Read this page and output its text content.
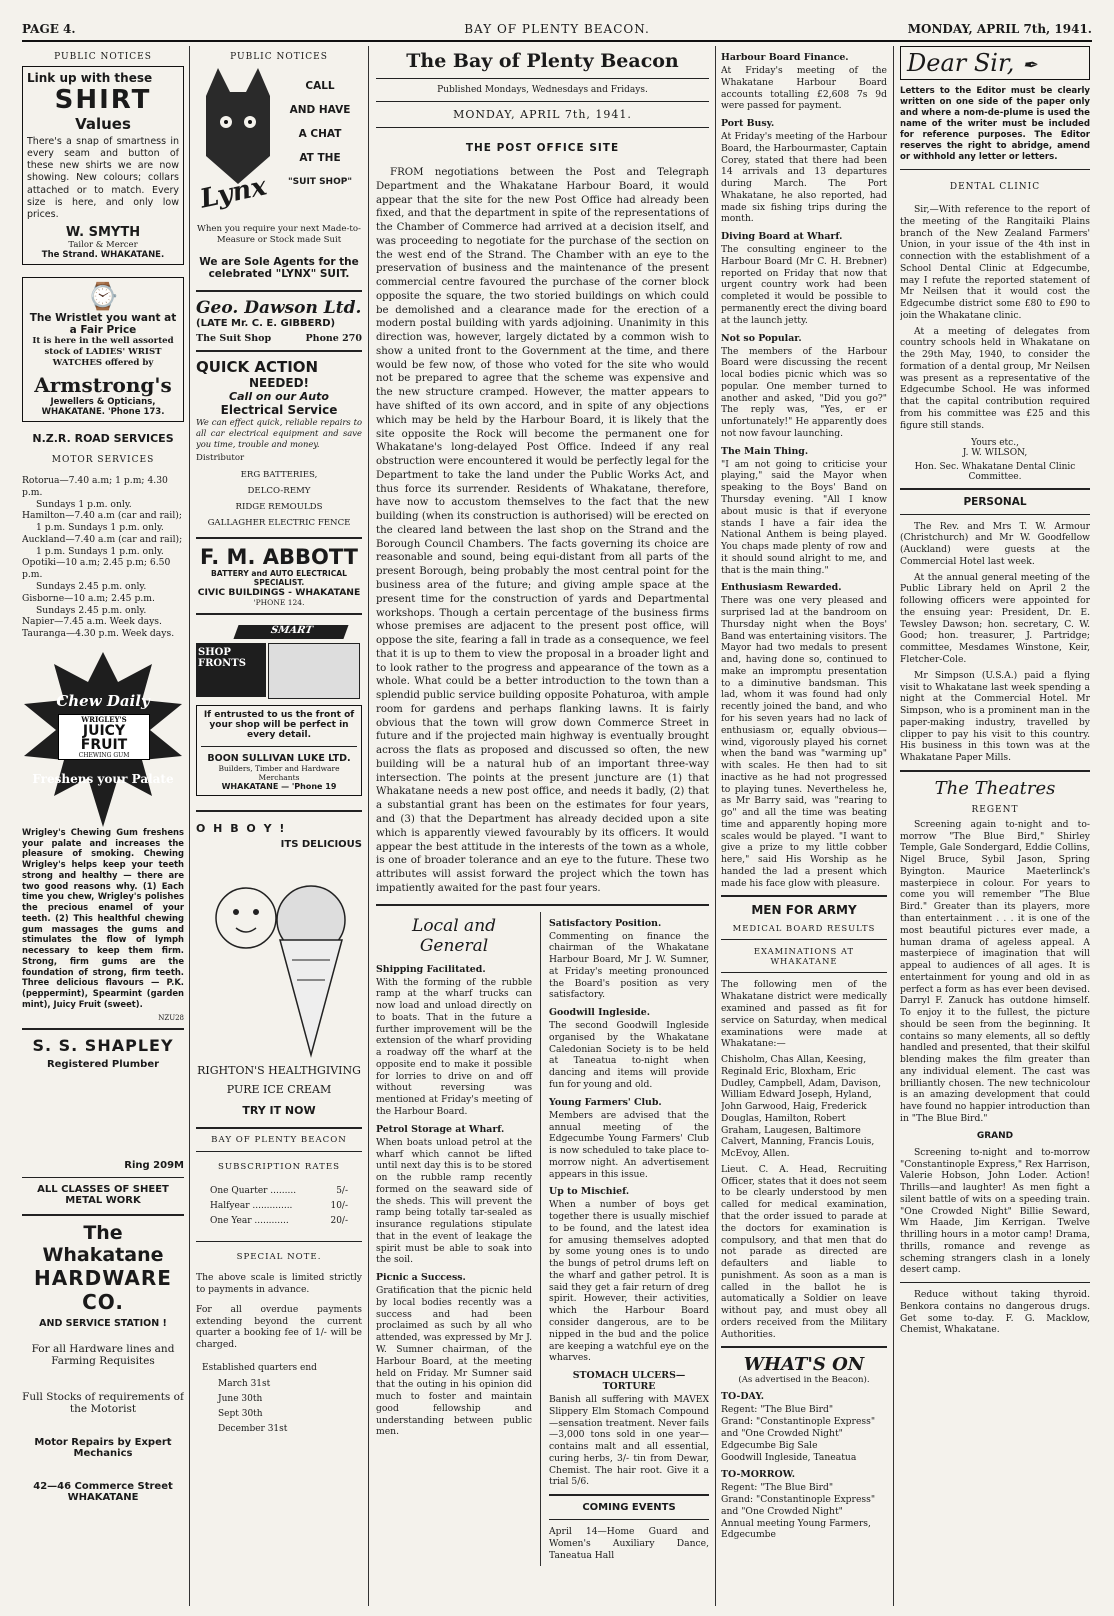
PAGE 4.	BAY OF PLENTY BEACON.	MONDAY, APRIL 7th, 1941.
PUBLIC NOTICES
Link up with these
SHIRT
Values

There's a snap of smartness in every seam and button of these new shirts we are now showing. New colours; collars attached or to match. Every size is here, and only low prices.

W. SMYTH
Tailor & Mercer
The Strand. WHAKATANE.
⌚
The Wristlet you want at a Fair Price

It is here in the well assorted stock of LADIES' WRIST WATCHES offered by

Armstrong's
Jewellers & Opticians,
WHAKATANE. 'Phone 173.
N.Z.R. ROAD SERVICES
MOTOR SERVICES

Rotorua—7.40 a.m; 1 p.m; 4.30 p.m.

Sundays 1 p.m. only.

Hamilton—7.40 a.m (car and rail);

1 p.m. Sundays 1 p.m. only.

Auckland—7.40 a.m (car and rail);

1 p.m. Sundays 1 p.m. only.

Opotiki—10 a.m; 2.45 p.m; 6.50 p.m.

Sundays 2.45 p.m. only.

Gisborne—10 a.m; 2.45 p.m.

Sundays 2.45 p.m. only.

Napier—7.45 a.m. Week days.

Tauranga—4.30 p.m. Week days.

Chew Daily
WRIGLEY'S
JUICY FRUIT
CHEWING GUM
Freshens your Palate

Wrigley's Chewing Gum freshens your palate and increases the pleasure of smoking. Chewing Wrigley's helps keep your teeth strong and healthy — there are two good reasons why. (1) Each time you chew, Wrigley's polishes the precious enamel of your teeth. (2) This healthful chewing gum massages the gums and stimulates the flow of lymph necessary to keep them firm. Strong, firm gums are the foundation of strong, firm teeth. Three delicious flavours — P.K. (peppermint), Spearmint (garden mint), Juicy Fruit (sweet).

NZU28
S. S. SHAPLEY
Registered Plumber
Ring 209M
ALL CLASSES OF SHEET METAL WORK
The Whakatane
HARDWARE CO.
AND SERVICE STATION !
For all Hardware lines and Farming Requisites
Full Stocks of requirements of the Motorist
Motor Repairs by Expert Mechanics
42—46 Commerce Street WHAKATANE
PUBLIC NOTICES
Lynx
CALL
AND HAVE
A CHAT
AT THE
"SUIT SHOP"

When you require your next Made-to-Measure or Stock made Suit

We are Sole Agents for the celebrated "LYNX" SUIT.
Geo. Dawson Ltd.
(LATE Mr. C. E. GIBBERD)
The Suit Shop	Phone 270
QUICK ACTION
NEEDED!
Call on our Auto
Electrical Service

We can effect quick, reliable repairs to all car electrical equipment and save you time, trouble and money.

Distributor
ERG BATTERIES,
DELCO-REMY
RIDGE REMOULDS
GALLAGHER ELECTRIC FENCE
F. M. ABBOTT
BATTERY and AUTO ELECTRICAL SPECIALIST.
CIVIC BUILDINGS - WHAKATANE
'PHONE 124.
SMART
SHOP FRONTS
If entrusted to us the front of your shop will be perfect in every detail.
BOON SULLIVAN LUKE LTD.
Builders, Timber and Hardware Merchants
WHAKATANE — 'Phone 19
O H B O Y !
ITS DELICIOUS
RIGHTON'S HEALTHGIVING
PURE ICE CREAM
TRY IT NOW
BAY OF PLENTY BEACON
SUBSCRIPTION RATES
One Quarter .........	5/-
Halfyear ..............	10/-
One Year ............	20/-
SPECIAL NOTE.

The above scale is limited strictly to payments in advance.

For all overdue payments extending beyond the current quarter a booking fee of 1/- will be charged.

Established quarters end
March 31st
June 30th
Sept 30th
December 31st
The Bay of Plenty Beacon
Published Mondays, Wednesdays and Fridays.
MONDAY, APRIL 7th, 1941.
THE POST OFFICE SITE

FROM negotiations between the Post and Telegraph Department and the Whakatane Harbour Board, it would appear that the site for the new Post Office had already been fixed, and that the department in spite of the representations of the Chamber of Commerce had arrived at a decision itself, and was proceeding to negotiate for the purchase of the section on the west end of the Strand. The Chamber with an eye to the preservation of business and the maintenance of the present commercial centre favoured the purchase of the corner block opposite the square, the two storied buildings on which could be demolished and a clearance made for the erection of a modern postal building with yards adjoining. Unanimity in this direction was, however, largely dictated by a common wish to show a united front to the Government at the time, and there would be few now, of those who voted for the site who would not be prepared to agree that the scheme was expensive and the new structure cramped. However, the matter appears to have shifted of its own accord, and in spite of any objections which may be held by the Harbour Board, it is likely that the site opposite the Rock will become the permanent one for Whakatane's long-delayed Post Office. Indeed if any real obstruction were encountered it would be perfectly legal for the Department to take the land under the Public Works Act, and thus force its surrender. Residents of Whakatane, therefore, have now to accustom themselves to the fact that the new building (when its construction is authorised) will be erected on the cleared land between the last shop on the Strand and the Borough Council Chambers. The facts governing its choice are reasonable and sound, being equi-distant from all parts of the present Borough, being probably the most central point for the business area of the future; and giving ample space at the present time for the construction of yards and Departmental workshops. Though a certain percentage of the business firms whose premises are adjacent to the present post office, will oppose the site, fearing a fall in trade as a consequence, we feel that it is up to them to view the proposal in a broader light and to look rather to the progress and appearance of the town as a whole. What could be a better introduction to the town than a splendid public service building opposite Pohaturoa, with ample room for gardens and perhaps flanking lawns. It is fairly obvious that the town will grow down Commerce Street in future and if the projected main highway is eventually brought across the flats as proposed and discussed so often, the new building will be a natural hub of an important three-way intersection. The points at the present juncture are (1) that Whakatane needs a new post office, and needs it badly, (2) that a substantial grant has been on the estimates for four years, and (3) that the Department has already decided upon a site which is apparently viewed favourably by its officers. It would appear the best attitude in the interests of the town as a whole, is one of broader tolerance and an eye to the future. These two attributes will assist forward the project which the town has impatiently awaited for the past four years.

Local and General
Shipping Facilitated.

With the forming of the rubble ramp at the wharf trucks can now load and unload directly on to boats. That in the future a further improvement will be the extension of the wharf providing a roadway off the wharf at the opposite end to make it possible for lorries to drive on and off without reversing was mentioned at Friday's meeting of the Harbour Board.

Petrol Storage at Wharf.

When boats unload petrol at the wharf which cannot be lifted until next day this is to be stored on the rubble ramp recently formed on the seaward side of the sheds. This will prevent the ramp being totally tar-sealed as insurance regulations stipulate that in the event of leakage the spirit must be able to soak into the soil.

Picnic a Success.

Gratification that the picnic held by local bodies recently was a success and had been proclaimed as such by all who attended, was expressed by Mr J. W. Sumner chairman, of the Harbour Board, at the meeting held on Friday. Mr Sumner said that the outing in his opinion did much to foster and maintain good fellowship and understanding between public men.

Satisfactory Position.

Commenting on finance the chairman of the Whakatane Harbour Board, Mr J. W. Sumner, at Friday's meeting pronounced the Board's position as very satisfactory.

Goodwill Ingleside.

The second Goodwill Ingleside organised by the Whakatane Caledonian Society is to be held at Taneatua to-night when dancing and items will provide fun for young and old.

Young Farmers' Club.

Members are advised that the annual meeting of the Edgecumbe Young Farmers' Club is now scheduled to take place to-morrow night. An advertisement appears in this issue.

Up to Mischief.

When a number of boys get together there is usually mischief to be found, and the latest idea for amusing themselves adopted by some young ones is to undo the bungs of petrol drums left on the wharf and gather petrol. It is said they get a fair return of dreg spirit. However, their activities, which the Harbour Board consider dangerous, are to be nipped in the bud and the police are keeping a watchful eye on the wharves.

STOMACH ULCERS—TORTURE

Banish all suffering with MAVEX Slippery Elm Stomach Compound—sensation treatment. Never fails—3,000 tons sold in one year—contains malt and all essential, curing herbs, 3/- tin from Dewar, Chemist. The hair root. Give it a trial 5/6.

COMING EVENTS

April 14—Home Guard and Women's Auxiliary Dance, Taneatua Hall

Harbour Board Finance.

At Friday's meeting of the Whakatane Harbour Board accounts totalling £2,608 7s 9d were passed for payment.

Port Busy.

At Friday's meeting of the Harbour Board, the Harbourmaster, Captain Corey, stated that there had been 14 arrivals and 13 departures during March. The Port Whakatane, he also reported, had made six fishing trips during the month.

Diving Board at Wharf.

The consulting engineer to the Harbour Board (Mr C. H. Brebner) reported on Friday that now that urgent country work had been completed it would be possible to permanently erect the diving board at the launch jetty.

Not so Popular.

The members of the Harbour Board were discussing the recent local bodies picnic which was so popular. One member turned to another and asked, "Did you go?" The reply was, "Yes, er er unfortunately!" He apparently does not now favour launching.

The Main Thing.

"I am not going to criticise your playing," said the Mayor when speaking to the Boys' Band on Thursday evening. "All I know about music is that if everyone stands I have a fair idea the National Anthem is being played. You chaps made plenty of row and it should sound alright to me, and that is the main thing."

Enthusiasm Rewarded.

There was one very pleased and surprised lad at the bandroom on Thursday night when the Boys' Band was entertaining visitors. The Mayor had two medals to present and, having done so, continued to make an impromptu presentation to a diminutive bandsman. This lad, whom it was found had only recently joined the band, and who for his seven years had no lack of enthusiasm or, equally obvious—wind, vigorously played his cornet when the band was "warming up" with scales. He then had to sit inactive as he had not progressed to playing tunes. Nevertheless he, as Mr Barry said, was "rearing to go" and all the time was beating time and apparently hoping more scales would be played. "I want to give a prize to my little cobber here," said His Worship as he handed the lad a present which made his face glow with pleasure.

MEN FOR ARMY
MEDICAL BOARD RESULTS
EXAMINATIONS AT WHAKATANE

The following men of the Whakatane district were medically examined and passed as fit for service on Saturday, when medical examinations were made at Whakatane:—

Chisholm, Chas Allan, Keesing, Reginald Eric, Bloxham, Eric Dudley, Campbell, Adam, Davison, William Edward Joseph, Hyland, John Garwood, Haig, Frederick Douglas, Hamilton, Robert Graham, Laugesen, Baltimore Calvert, Manning, Francis Louis, McEvoy, Allen.

Lieut. C. A. Head, Recruiting Officer, states that it does not seem to be clearly understood by men called for medical examination, that the order issued to parade at the doctors for examination is compulsory, and that men that do not parade as directed are defaulters and liable to punishment. As soon as a man is called in the ballot he is automatically a Soldier on leave without pay, and must obey all orders received from the Military Authorities.

WHAT'S ON
(As advertised in the Beacon).
TO-DAY.

Regent: "The Blue Bird"

Grand: "Constantinople Express" and "One Crowded Night"

Edgecumbe Big Sale

Goodwill Ingleside, Taneatua

TO-MORROW.

Regent: "The Blue Bird"

Grand: "Constantinople Express" and "One Crowded Night"

Annual meeting Young Farmers, Edgecumbe

Dear Sir, ✒

Letters to the Editor must be clearly written on one side of the paper only and where a nom-de-plume is used the name of the writer must be included for reference purposes. The Editor reserves the right to abridge, amend or withhold any letter or letters.

DENTAL CLINIC

Sir,—With reference to the report of the meeting of the Rangitaiki Plains branch of the New Zealand Farmers' Union, in your issue of the 4th inst in connection with the establishment of a School Dental Clinic at Edgecumbe, may I refute the reported statement of Mr Neilsen that it would cost the Edgecumbe district some £80 to £90 to join the Whakatane clinic.

At a meeting of delegates from country schools held in Whakatane on the 29th May, 1940, to consider the formation of a dental group, Mr Neilsen was present as a representative of the Edgecumbe School. He was informed that the capital contribution required from his committee was £25 and this figure still stands.

Yours etc.,
J. W. WILSON,
Hon. Sec. Whakatane Dental Clinic Committee.
PERSONAL

The Rev. and Mrs T. W. Armour (Christchurch) and Mr W. Goodfellow (Auckland) were guests at the Commercial Hotel last week.

At the annual general meeting of the Public Library held on April 2 the following officers were appointed for the ensuing year: President, Dr. E. Tewsley Dawson; hon. secretary, C. W. Good; hon. treasurer, J. Partridge; committee, Mesdames Winstone, Keir, Fletcher-Cole.

Mr Simpson (U.S.A.) paid a flying visit to Whakatane last week spending a night at the Commercial Hotel. Mr Simpson, who is a prominent man in the paper-making industry, travelled by clipper to pay his visit to this country. His business in this town was at the Whakatane Paper Mills.

The Theatres
REGENT

Screening again to-night and to-morrow "The Blue Bird," Shirley Temple, Gale Sondergard, Eddie Collins, Nigel Bruce, Sybil Jason, Spring Byington. Maurice Maeterlinck's masterpiece in colour. For years to come you will remember "The Blue Bird." Greater than its players, more than entertainment . . . it is one of the most beautiful pictures ever made, a human drama of ageless appeal. A masterpiece of imagination that will appeal to audiences of all ages. It is entertainment for young and old in as perfect a form as has ever been devised. Darryl F. Zanuck has outdone himself. To enjoy it to the fullest, the picture should be seen from the beginning. It contains so many elements, all so deftly handled and presented, that their skilful blending makes the film greater than any individual element. The cast was brilliantly chosen. The new technicolour is an amazing development that could have found no happier introduction than in "The Blue Bird."

GRAND

Screening to-night and to-morrow "Constantinople Express," Rex Harrison, Valerie Hobson, John Loder. Action! Thrills—and laughter! As men fight a silent battle of wits on a speeding train. "One Crowded Night" Billie Seward, Wm Haade, Jim Kerrigan. Twelve thrilling hours in a motor camp! Drama, thrills, romance and revenge as scheming strangers clash in a lonely desert camp.

Reduce without taking thyroid. Benkora contains no dangerous drugs. Get some to-day. F. G. Macklow, Chemist, Whakatane.
